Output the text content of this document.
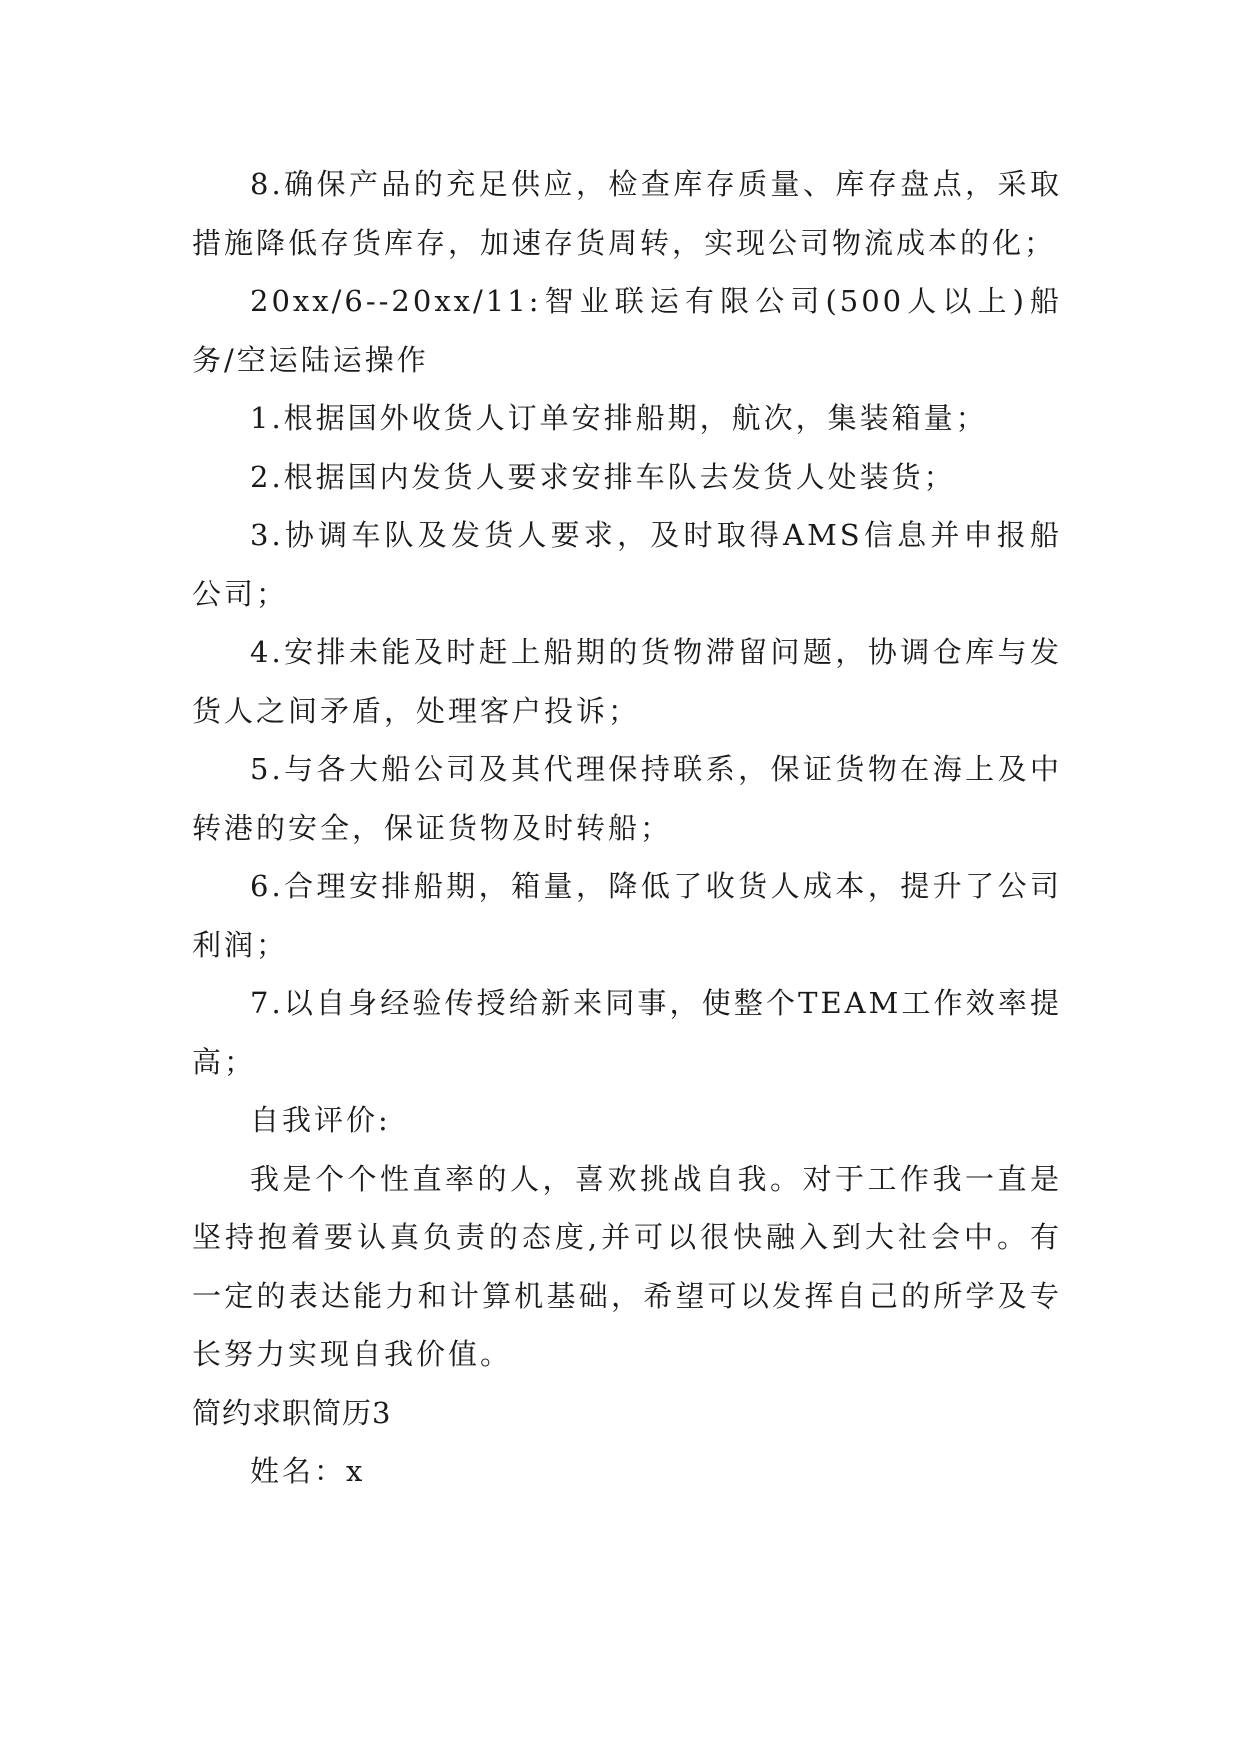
8.确保产品的充足供应，检查库存质量、库存盘点，采取措施降低存货库存，加速存货周转，实现公司物流成本的化；

20xx/6--20xx/11:智业联运有限公司(500人以上)船务/空运陆运操作

1.根据国外收货人订单安排船期，航次，集装箱量；

2.根据国内发货人要求安排车队去发货人处装货；

3.协调车队及发货人要求，及时取得AMS信息并申报船公司；

4.安排未能及时赶上船期的货物滞留问题，协调仓库与发货人之间矛盾，处理客户投诉；

5.与各大船公司及其代理保持联系，保证货物在海上及中转港的安全，保证货物及时转船；

6.合理安排船期，箱量，降低了收货人成本，提升了公司利润；

7.以自身经验传授给新来同事，使整个TEAM工作效率提高；

自我评价:

我是个个性直率的人，喜欢挑战自我。对于工作我一直是坚持抱着要认真负责的态度,并可以很快融入到大社会中。有一定的表达能力和计算机基础，希望可以发挥自己的所学及专长努力实现自我价值。

简约求职简历3

姓名：x
